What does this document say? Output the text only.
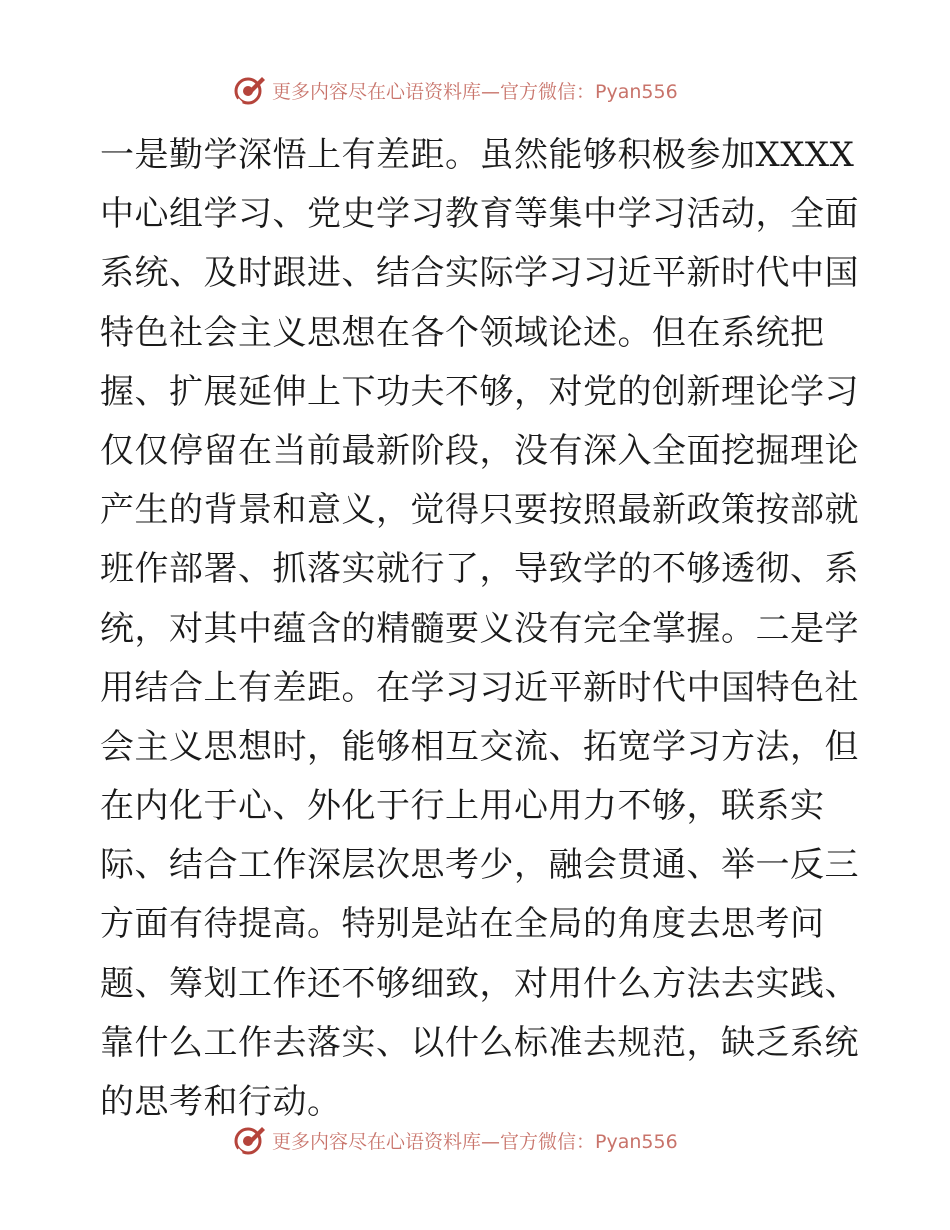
更多内容尽在心语资料库—官方微信：Pyan556
一是勤学深悟上有差距。虽然能够积极参加XXXX
中心组学习、党史学习教育等集中学习活动，全面
系统、及时跟进、结合实际学习习近平新时代中国
特色社会主义思想在各个领域论述。但在系统把
握、扩展延伸上下功夫不够，对党的创新理论学习
仅仅停留在当前最新阶段，没有深入全面挖掘理论
产生的背景和意义，觉得只要按照最新政策按部就
班作部署、抓落实就行了，导致学的不够透彻、系
统，对其中蕴含的精髓要义没有完全掌握。二是学
用结合上有差距。在学习习近平新时代中国特色社
会主义思想时，能够相互交流、拓宽学习方法，但
在内化于心、外化于行上用心用力不够，联系实
际、结合工作深层次思考少，融会贯通、举一反三
方面有待提高。特别是站在全局的角度去思考问
题、筹划工作还不够细致，对用什么方法去实践、
靠什么工作去落实、以什么标准去规范，缺乏系统
的思考和行动。
更多内容尽在心语资料库—官方微信：Pyan556
